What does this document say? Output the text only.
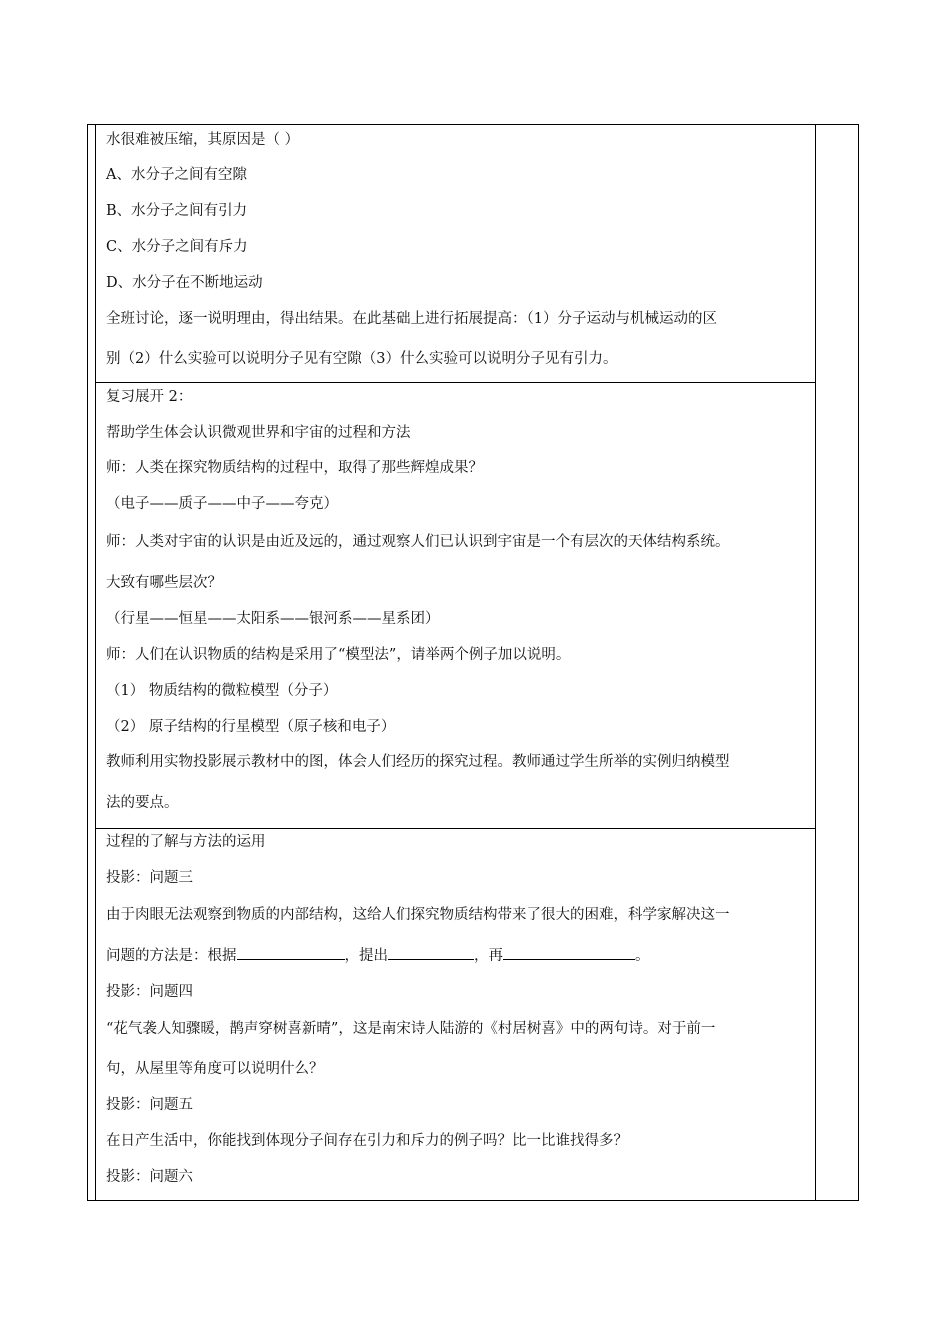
水很难被压缩，其原因是（ ）
A、水分子之间有空隙
B、水分子之间有引力
C、水分子之间有斥力
D、水分子在不断地运动
全班讨论，逐一说明理由，得出结果。在此基础上进行拓展提高：（1）分子运动与机械运动的区
别（2）什么实验可以说明分子见有空隙（3）什么实验可以说明分子见有引力。
复习展开 2：
帮助学生体会认识微观世界和宇宙的过程和方法
师：人类在探究物质结构的过程中，取得了那些辉煌成果？
（电子——质子——中子——夸克）
师：人类对宇宙的认识是由近及远的，通过观察人们已认识到宇宙是一个有层次的天体结构系统。
大致有哪些层次？
（行星——恒星——太阳系——银河系——星系团）
师：人们在认识物质的结构是采用了“模型法”，请举两个例子加以说明。
（1） 物质结构的微粒模型（分子）
（2） 原子结构的行星模型（原子核和电子）
教师利用实物投影展示教材中的图，体会人们经历的探究过程。教师通过学生所举的实例归纳模型
法的要点。
过程的了解与方法的运用
投影：问题三
由于肉眼无法观察到物质的内部结构，这给人们探究物质结构带来了很大的困难，科学家解决这一
问题的方法是：根据	，提出	，再	。
投影：问题四
“花气袭人知骤暖，鹊声穿树喜新晴”，这是南宋诗人陆游的《村居树喜》中的两句诗。对于前一
句，从屋里等角度可以说明什么？
投影：问题五
在日产生活中，你能找到体现分子间存在引力和斥力的例子吗？比一比谁找得多？
投影：问题六
